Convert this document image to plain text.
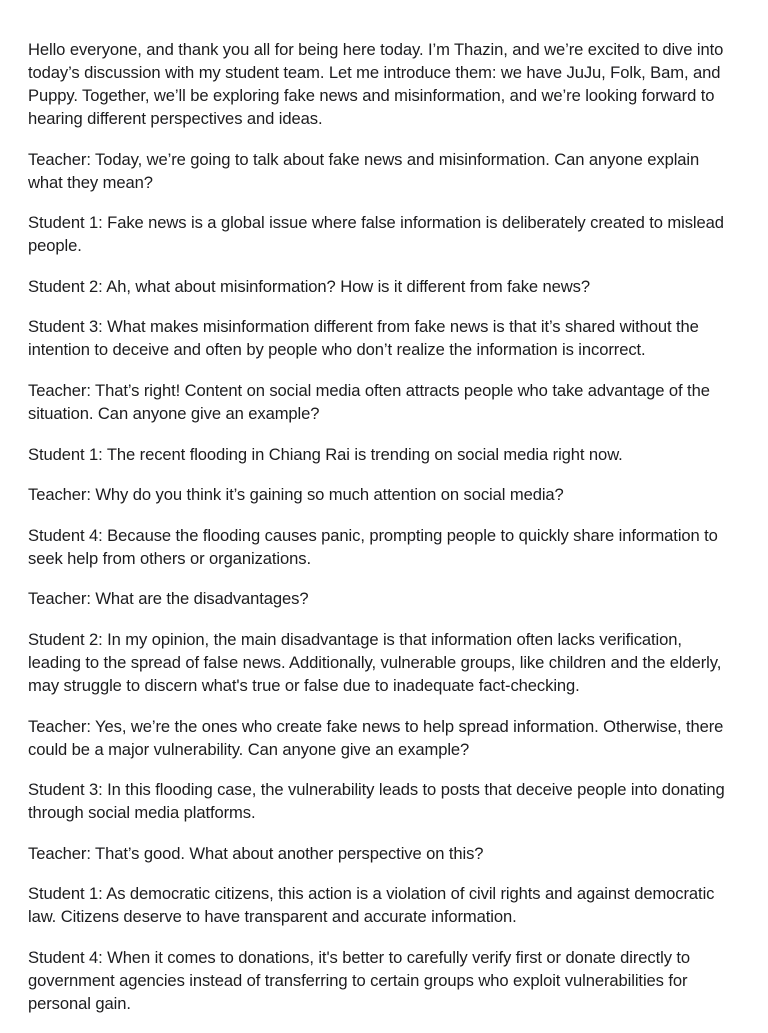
Hello everyone, and thank you all for being here today. I’m Thazin, and we’re excited to dive into today’s discussion with my student team. Let me introduce them: we have JuJu, Folk, Bam, and Puppy. Together, we’ll be exploring fake news and misinformation, and we’re looking forward to hearing different perspectives and ideas.

Teacher: Today, we’re going to talk about fake news and misinformation. Can anyone explain what they mean?

Student 1: Fake news is a global issue where false information is deliberately created to mislead people.

Student 2: Ah, what about misinformation? How is it different from fake news?

Student 3: What makes misinformation different from fake news is that it’s shared without the intention to deceive and often by people who don’t realize the information is incorrect.

Teacher: That’s right! Content on social media often attracts people who take advantage of the situation. Can anyone give an example?

Student 1: The recent flooding in Chiang Rai is trending on social media right now.

Teacher: Why do you think it’s gaining so much attention on social media?

Student 4: Because the flooding causes panic, prompting people to quickly share information to seek help from others or organizations.

Teacher: What are the disadvantages?

Student 2: In my opinion, the main disadvantage is that information often lacks verification, leading to the spread of false news. Additionally, vulnerable groups, like children and the elderly, may struggle to discern what's true or false due to inadequate fact-checking.

Teacher: Yes, we’re the ones who create fake news to help spread information. Otherwise, there could be a major vulnerability. Can anyone give an example?

Student 3: In this flooding case, the vulnerability leads to posts that deceive people into donating through social media platforms.

Teacher: That’s good. What about another perspective on this?

Student 1: As democratic citizens, this action is a violation of civil rights and against democratic law. Citizens deserve to have transparent and accurate information.

Student 4: When it comes to donations, it's better to carefully verify first or donate directly to government agencies instead of transferring to certain groups who exploit vulnerabilities for personal gain.
